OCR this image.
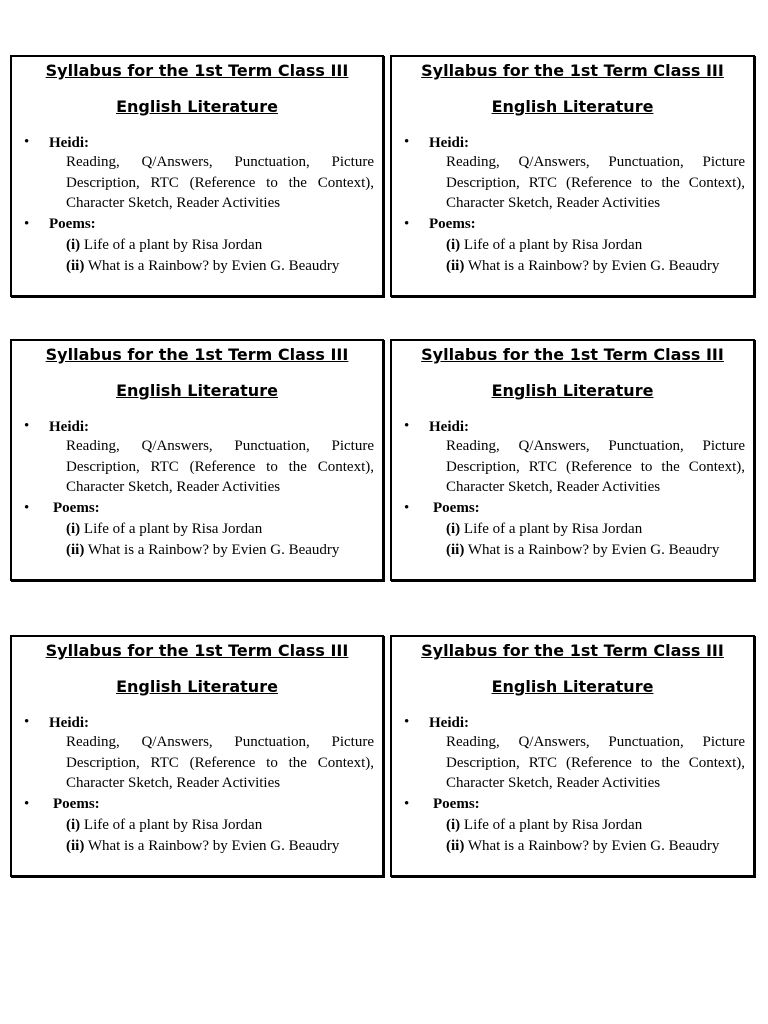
Syllabus for the 1st Term Class III
English Literature
• Heidi:
Reading, Q/Answers, Punctuation, Picture
Description, RTC (Reference to the Context),
Character Sketch, Reader Activities
• Poems:
(i) Life of a plant by Risa Jordan
(ii) What is a Rainbow? by Evien G. Beaudry
Syllabus for the 1st Term Class III
English Literature
• Heidi:
Reading, Q/Answers, Punctuation, Picture
Description, RTC (Reference to the Context),
Character Sketch, Reader Activities
• Poems:
(i) Life of a plant by Risa Jordan
(ii) What is a Rainbow? by Evien G. Beaudry
Syllabus for the 1st Term Class III
English Literature
• Heidi:
Reading, Q/Answers, Punctuation, Picture
Description, RTC (Reference to the Context),
Character Sketch, Reader Activities
• Poems:
(i) Life of a plant by Risa Jordan
(ii) What is a Rainbow? by Evien G. Beaudry
Syllabus for the 1st Term Class III
English Literature
• Heidi:
Reading, Q/Answers, Punctuation, Picture
Description, RTC (Reference to the Context),
Character Sketch, Reader Activities
• Poems:
(i) Life of a plant by Risa Jordan
(ii) What is a Rainbow? by Evien G. Beaudry
Syllabus for the 1st Term Class III
English Literature
• Heidi:
Reading, Q/Answers, Punctuation, Picture
Description, RTC (Reference to the Context),
Character Sketch, Reader Activities
• Poems:
(i) Life of a plant by Risa Jordan
(ii) What is a Rainbow? by Evien G. Beaudry
Syllabus for the 1st Term Class III
English Literature
• Heidi:
Reading, Q/Answers, Punctuation, Picture
Description, RTC (Reference to the Context),
Character Sketch, Reader Activities
• Poems:
(i) Life of a plant by Risa Jordan
(ii) What is a Rainbow? by Evien G. Beaudry
